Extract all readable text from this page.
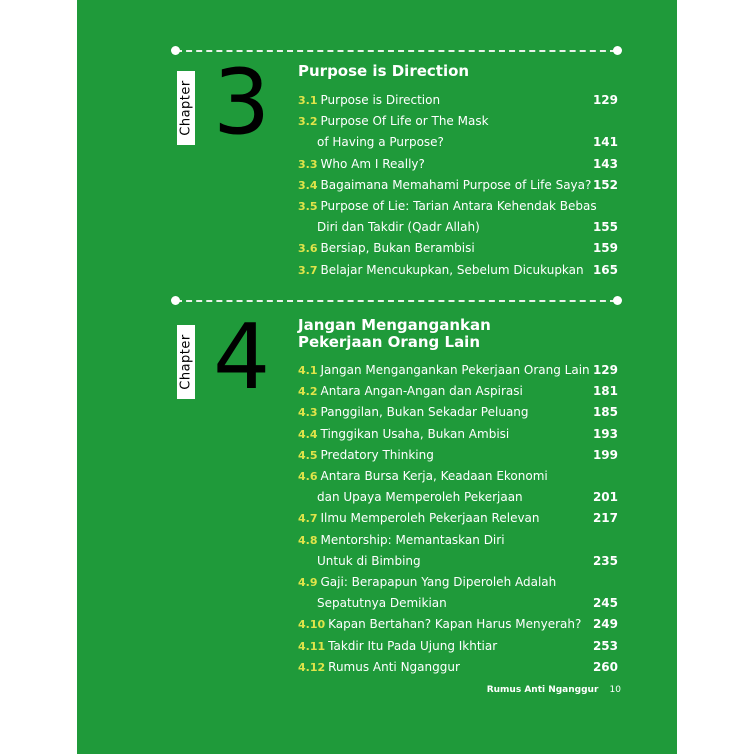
Chapter 3 Purpose is Direction
3.1 Purpose is Direction	129
3.2 Purpose Of Life or The Mask
of Having a Purpose?	141
3.3 Who Am I Really?	143
3.4 Bagaimana Memahami Purpose of Life Saya? 152
3.5 Purpose of Lie: Tarian Antara Kehendak Bebas
Diri dan Takdir (Qadr Allah)	155
3.6 Bersiap, Bukan Berambisi	159
3.7 Belajar Mencukupkan, Sebelum Dicukupkan 165
Chapter 4 Jangan Mengangankan
Pekerjaan Orang Lain
4.1 Jangan Mengangankan Pekerjaan Orang Lain 129
4.2 Antara Angan-Angan dan Aspirasi	181
4.3 Panggilan, Bukan Sekadar Peluang	185
4.4 Tinggikan Usaha, Bukan Ambisi	193
4.5 Predatory Thinking	199
4.6 Antara Bursa Kerja, Keadaan Ekonomi
dan Upaya Memperoleh Pekerjaan	201
4.7 Ilmu Memperoleh Pekerjaan Relevan	217
4.8 Mentorship: Memantaskan Diri
Untuk di Bimbing	235
4.9 Gaji: Berapapun Yang Diperoleh Adalah
Sepatutnya Demikian	245
4.10 Kapan Bertahan? Kapan Harus Menyerah? 249
4.11 Takdir Itu Pada Ujung Ikhtiar	253
4.12 Rumus Anti Nganggur	260
Rumus Anti Nganggur 10
